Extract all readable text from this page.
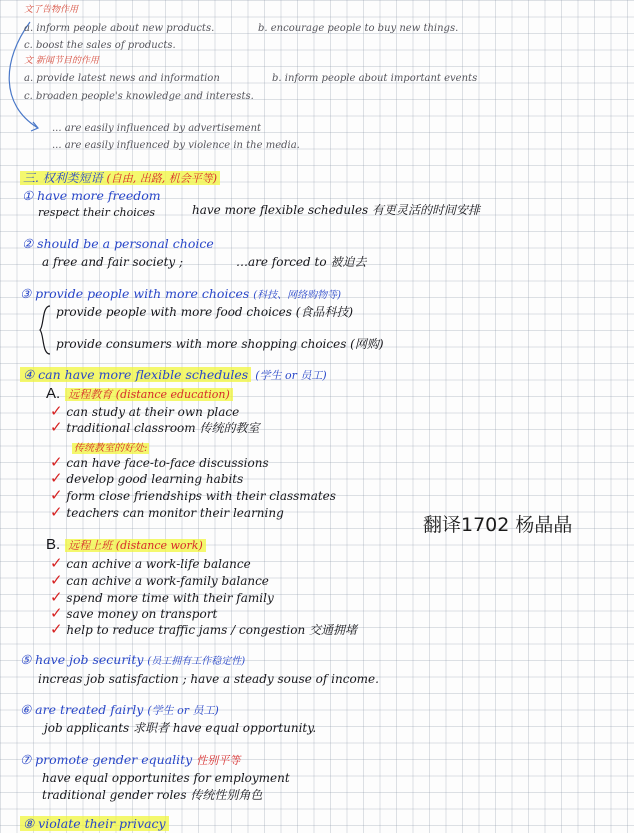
文了告物作用
a. inform people about new products.	b. encourage people to buy new things.
c. boost the sales of products.
文 新闻节目的作用
a. provide latest news and information	b. inform people about important events
c. broaden people's knowledge and interests.
... are easily influenced by advertisement
... are easily influenced by violence in the media.
三. 权利类短语 (自由, 出路, 机会平等)
① have more freedom
respect their choices	have more flexible schedules 有更灵活的时间安排
② should be a personal choice
a free and fair society ;	…are forced to 被迫去
③ provide people with more choices (科技、网络购物等)
provide people with more food choices (食品科技)
provide consumers with more shopping choices (网购)
④ can have more flexible schedules (学生 or 员工)
A. 远程教育 (distance education)
✓ can study at their own place
✓ traditional classroom 传统的教室
传统教室的好处:
✓ can have face-to-face discussions
✓ develop good learning habits
✓ form close friendships with their classmates
✓ teachers can monitor their learning
翻译1702 杨晶晶
B. 远程上班 (distance work)
✓ can achive a work-life balance
✓ can achive a work-family balance
✓ spend more time with their family
✓ save money on transport
✓ help to reduce traffic jams / congestion 交通拥堵
⑤ have job security (员工拥有工作稳定性)
increas job satisfaction ; have a steady souse of income.
⑥ are treated fairly (学生 or 员工)
job applicants 求职者 have equal opportunity.
⑦ promote gender equality 性别平等
have equal opportunites for employment
traditional gender roles 传统性别角色
⑧ violate their privacy
